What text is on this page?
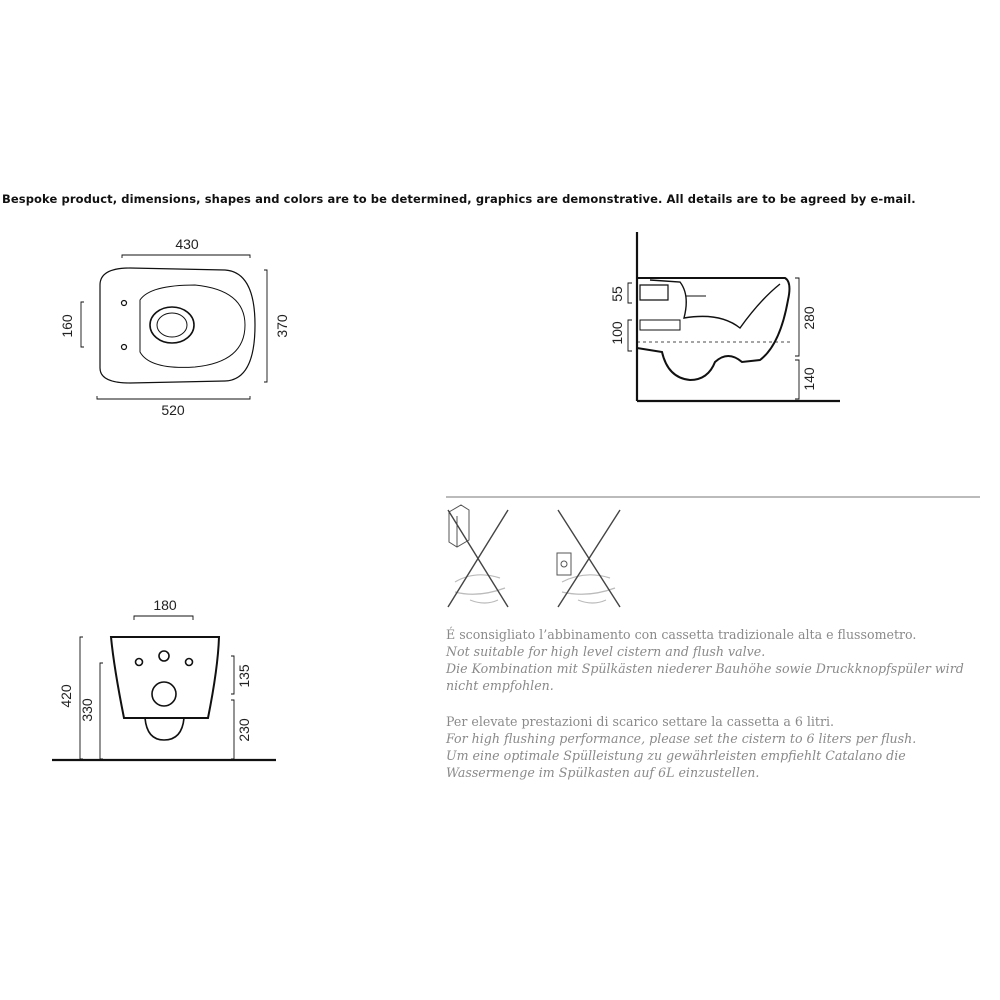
Bespoke product, dimensions, shapes and colors are to be determined, graphics are demonstrative. All details are to be agreed by e-mail.
430
520
160	370
55
100
280
140
180
420
330
135
230

É sconsigliato l’abbinamento con cassetta tradizionale alta e flussometro.

Not suitable for high level cistern and flush valve.

Die Kombination mit Spülkästen niederer Bauhöhe sowie Druckknopfspüler wird

nicht empfohlen.

Per elevate prestazioni di scarico settare la cassetta a 6 litri.

For high flushing performance, please set the cistern to 6 liters per flush.

Um eine optimale Spülleistung zu gewährleisten empfiehlt Catalano die

Wassermenge im Spülkasten auf 6L einzustellen.
